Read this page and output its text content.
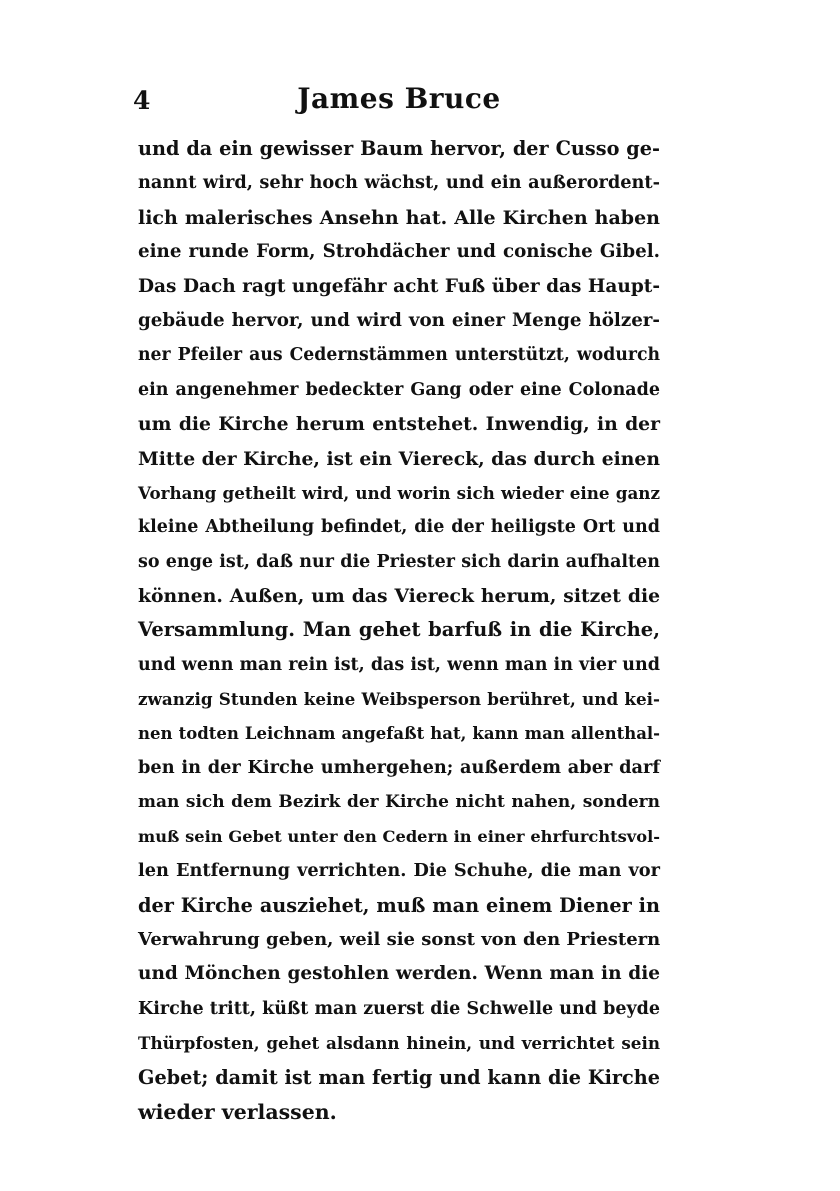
4	James Bruce
und da ein gewisser Baum hervor, der Cusso ge-
nannt wird, sehr hoch wächst, und ein außerordent-
lich malerisches Ansehn hat. Alle Kirchen haben
eine runde Form, Strohdächer und conische Gibel.
Das Dach ragt ungefähr acht Fuß über das Haupt-
gebäude hervor, und wird von einer Menge hölzer-
ner Pfeiler aus Cedernstämmen unterstützt, wodurch
ein angenehmer bedeckter Gang oder eine Colonade
um die Kirche herum entstehet. Inwendig, in der
Mitte der Kirche, ist ein Viereck, das durch einen
Vorhang getheilt wird, und worin sich wieder eine ganz
kleine Abtheilung befindet, die der heiligste Ort und
so enge ist, daß nur die Priester sich darin aufhalten
können. Außen, um das Viereck herum, sitzet die
Versammlung. Man gehet barfuß in die Kirche,
und wenn man rein ist, das ist, wenn man in vier und
zwanzig Stunden keine Weibsperson berühret, und kei-
nen todten Leichnam angefaßt hat, kann man allenthal-
ben in der Kirche umhergehen; außerdem aber darf
man sich dem Bezirk der Kirche nicht nahen, sondern
muß sein Gebet unter den Cedern in einer ehrfurchtsvol-
len Entfernung verrichten. Die Schuhe, die man vor
der Kirche ausziehet, muß man einem Diener in
Verwahrung geben, weil sie sonst von den Priestern
und Mönchen gestohlen werden. Wenn man in die
Kirche tritt, küßt man zuerst die Schwelle und beyde
Thürpfosten, gehet alsdann hinein, und verrichtet sein
Gebet; damit ist man fertig und kann die Kirche
wieder verlassen.
